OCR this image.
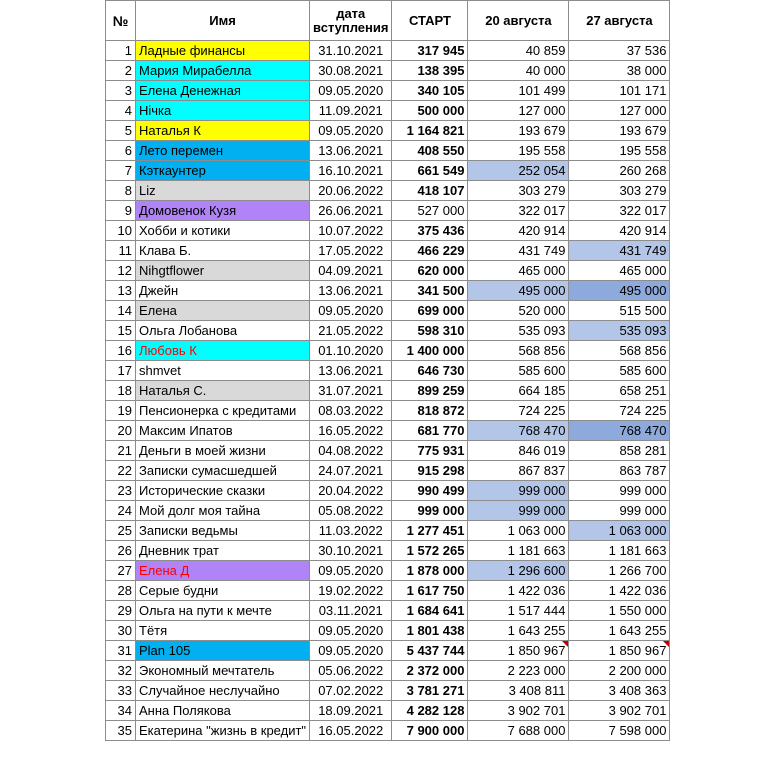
№	Имя	дата вступления	СТАРТ	20 августа	27 августа
1	Ладные финансы	31.10.2021	317 945	40 859	37 536
2	Мария Мирабелла	30.08.2021	138 395	40 000	38 000
3	Елена Денежная	09.05.2020	340 105	101 499	101 171
4	Нічка	11.09.2021	500 000	127 000	127 000
5	Наталья К	09.05.2020	1 164 821	193 679	193 679
6	Лето перемен	13.06.2021	408 550	195 558	195 558
7	Кэткаунтер	16.10.2021	661 549	252 054	260 268
8	Liz	20.06.2022	418 107	303 279	303 279
9	Домовенок Кузя	26.06.2021	527 000	322 017	322 017
10	Хобби и котики	10.07.2022	375 436	420 914	420 914
11	Клава Б.	17.05.2022	466 229	431 749	431 749
12	Nihgtflower	04.09.2021	620 000	465 000	465 000
13	Джейн	13.06.2021	341 500	495 000	495 000
14	Елена	09.05.2020	699 000	520 000	515 500
15	Ольга Лобанова	21.05.2022	598 310	535 093	535 093
16	Любовь К	01.10.2020	1 400 000	568 856	568 856
17	shmvet	13.06.2021	646 730	585 600	585 600
18	Наталья С.	31.07.2021	899 259	664 185	658 251
19	Пенсионерка с кредитами	08.03.2022	818 872	724 225	724 225
20	Максим Ипатов	16.05.2022	681 770	768 470	768 470
21	Деньги в моей жизни	04.08.2022	775 931	846 019	858 281
22	Записки сумасшедшей	24.07.2021	915 298	867 837	863 787
23	Исторические сказки	20.04.2022	990 499	999 000	999 000
24	Мой долг моя тайна	05.08.2022	999 000	999 000	999 000
25	Записки ведьмы	11.03.2022	1 277 451	1 063 000	1 063 000
26	Дневник трат	30.10.2021	1 572 265	1 181 663	1 181 663
27	Елена Д	09.05.2020	1 878 000	1 296 600	1 266 700
28	Серые будни	19.02.2022	1 617 750	1 422 036	1 422 036
29	Ольга на пути к мечте	03.11.2021	1 684 641	1 517 444	1 550 000
30	Тётя	09.05.2020	1 801 438	1 643 255	1 643 255
31	Plan 105	09.05.2020	5 437 744	1 850 967	1 850 967

32	Экономный мечтатель	05.06.2022	2 372 000	2 223 000	2 200 000
33	Случайное неслучайно	07.02.2022	3 781 271	3 408 811	3 408 363
34	Анна Полякова	18.09.2021	4 282 128	3 902 701	3 902 701
35	Екатерина "жизнь в кредит"	16.05.2022	7 900 000	7 688 000	7 598 000
